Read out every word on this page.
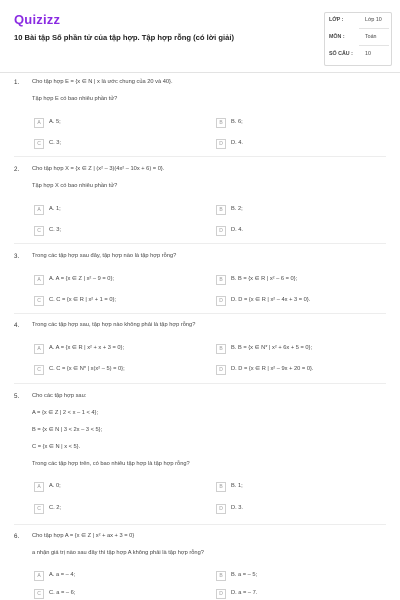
Quizizz
10 Bài tập Số phần tử của tập hợp. Tập hợp rỗng (có lời giải)
LỚP :	Lớp 10
MÔN :	Toán
SỐ CÂU : 10
1. Cho tập hợp E = {x ∈ N | x là ước chung của 20 và 40}.
Tập hợp E có bao nhiêu phần tử?
A	A. 5;	B	B. 6;
C	C. 3;	D	D. 4.
2. Cho tập hợp X = {x ∈ Z | (x² – 3)(4x² – 10x + 6) = 0}.
Tập hợp X có bao nhiêu phần tử?
A	A. 1;	B	B. 2;
C	C. 3;	D	D. 4.
3. Trong các tập hợp sau đây, tập hợp nào là tập hợp rỗng?
A	A. A = {x ∈ Z | x² – 9 = 0};	B	B. B = {x ∈ R | x² – 6 = 0};
C	C. C = {x ∈ R | x² + 1 = 0};	D	D. D = {x ∈ R | x² – 4x + 3 = 0}.
4. Trong các tập hợp sau, tập hợp nào không phải là tập hợp rỗng?
A	A. A = {x ∈ R | x² + x + 3 = 0};	B	B. B = {x ∈ N* | x² + 6x + 5 = 0};
C	C. C = {x ∈ N* | x(x² – 5) = 0};	D	D. D = {x ∈ R | x² – 9x + 20 = 0}.
5. Cho các tập hợp sau:
A = {x ∈ Z | 2 < x – 1 < 4};
B = {x ∈ N | 3 < 2x – 3 < 5};
C = {x ∈ N | x < 5}.
Trong các tập hợp trên, có bao nhiêu tập hợp là tập hợp rỗng?
A	A. 0;	B	B. 1;
C	C. 2;	D	D. 3.
6. Cho tập hợp A = {x ∈ Z | x² + ax + 3 = 0}
a nhận giá trị nào sau đây thì tập hợp A không phải là tập hợp rỗng?
A	A. a = – 4;	B	B. a = – 5;
C	C. a = – 6;	D	D. a = – 7.
